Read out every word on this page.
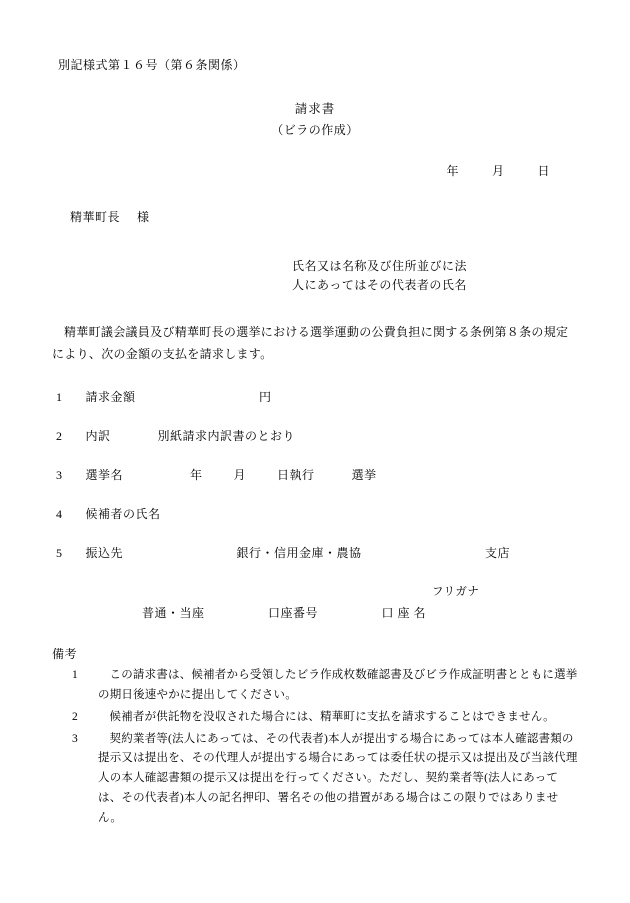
別記様式第１６号（第６条関係）
請求書
（ビラの作成）
年	月	日
精華町長 様
氏名又は名称及び住所並びに法
人にあってはその代表者の氏名
精華町議会議員及び精華町長の選挙における選挙運動の公費負担に関する条例第８条の規定により、次の金額の支払を請求します。
1 請求金額	円
2 内訳	別紙請求内訳書のとおり
3 選挙名	年	月	日執行	選挙
4 候補者の氏名
5 振込先	銀行・信用金庫・農協	支店
フリガナ
普通・当座	口座番号	口 座 名
備考
1	この請求書は、候補者から受領したビラ作成枚数確認書及びビラ作成証明書とともに選挙の期日後速やかに提出してください。
2	候補者が供託物を没収された場合には、精華町に支払を請求することはできません。
3	契約業者等(法人にあっては、その代表者)本人が提出する場合にあっては本人確認書類の提示又は提出を、その代理人が提出する場合にあっては委任状の提示又は提出及び当該代理人の本人確認書類の提示又は提出を行ってください。ただし、契約業者等(法人にあっては、その代表者)本人の記名押印、署名その他の措置がある場合はこの限りではありません。
